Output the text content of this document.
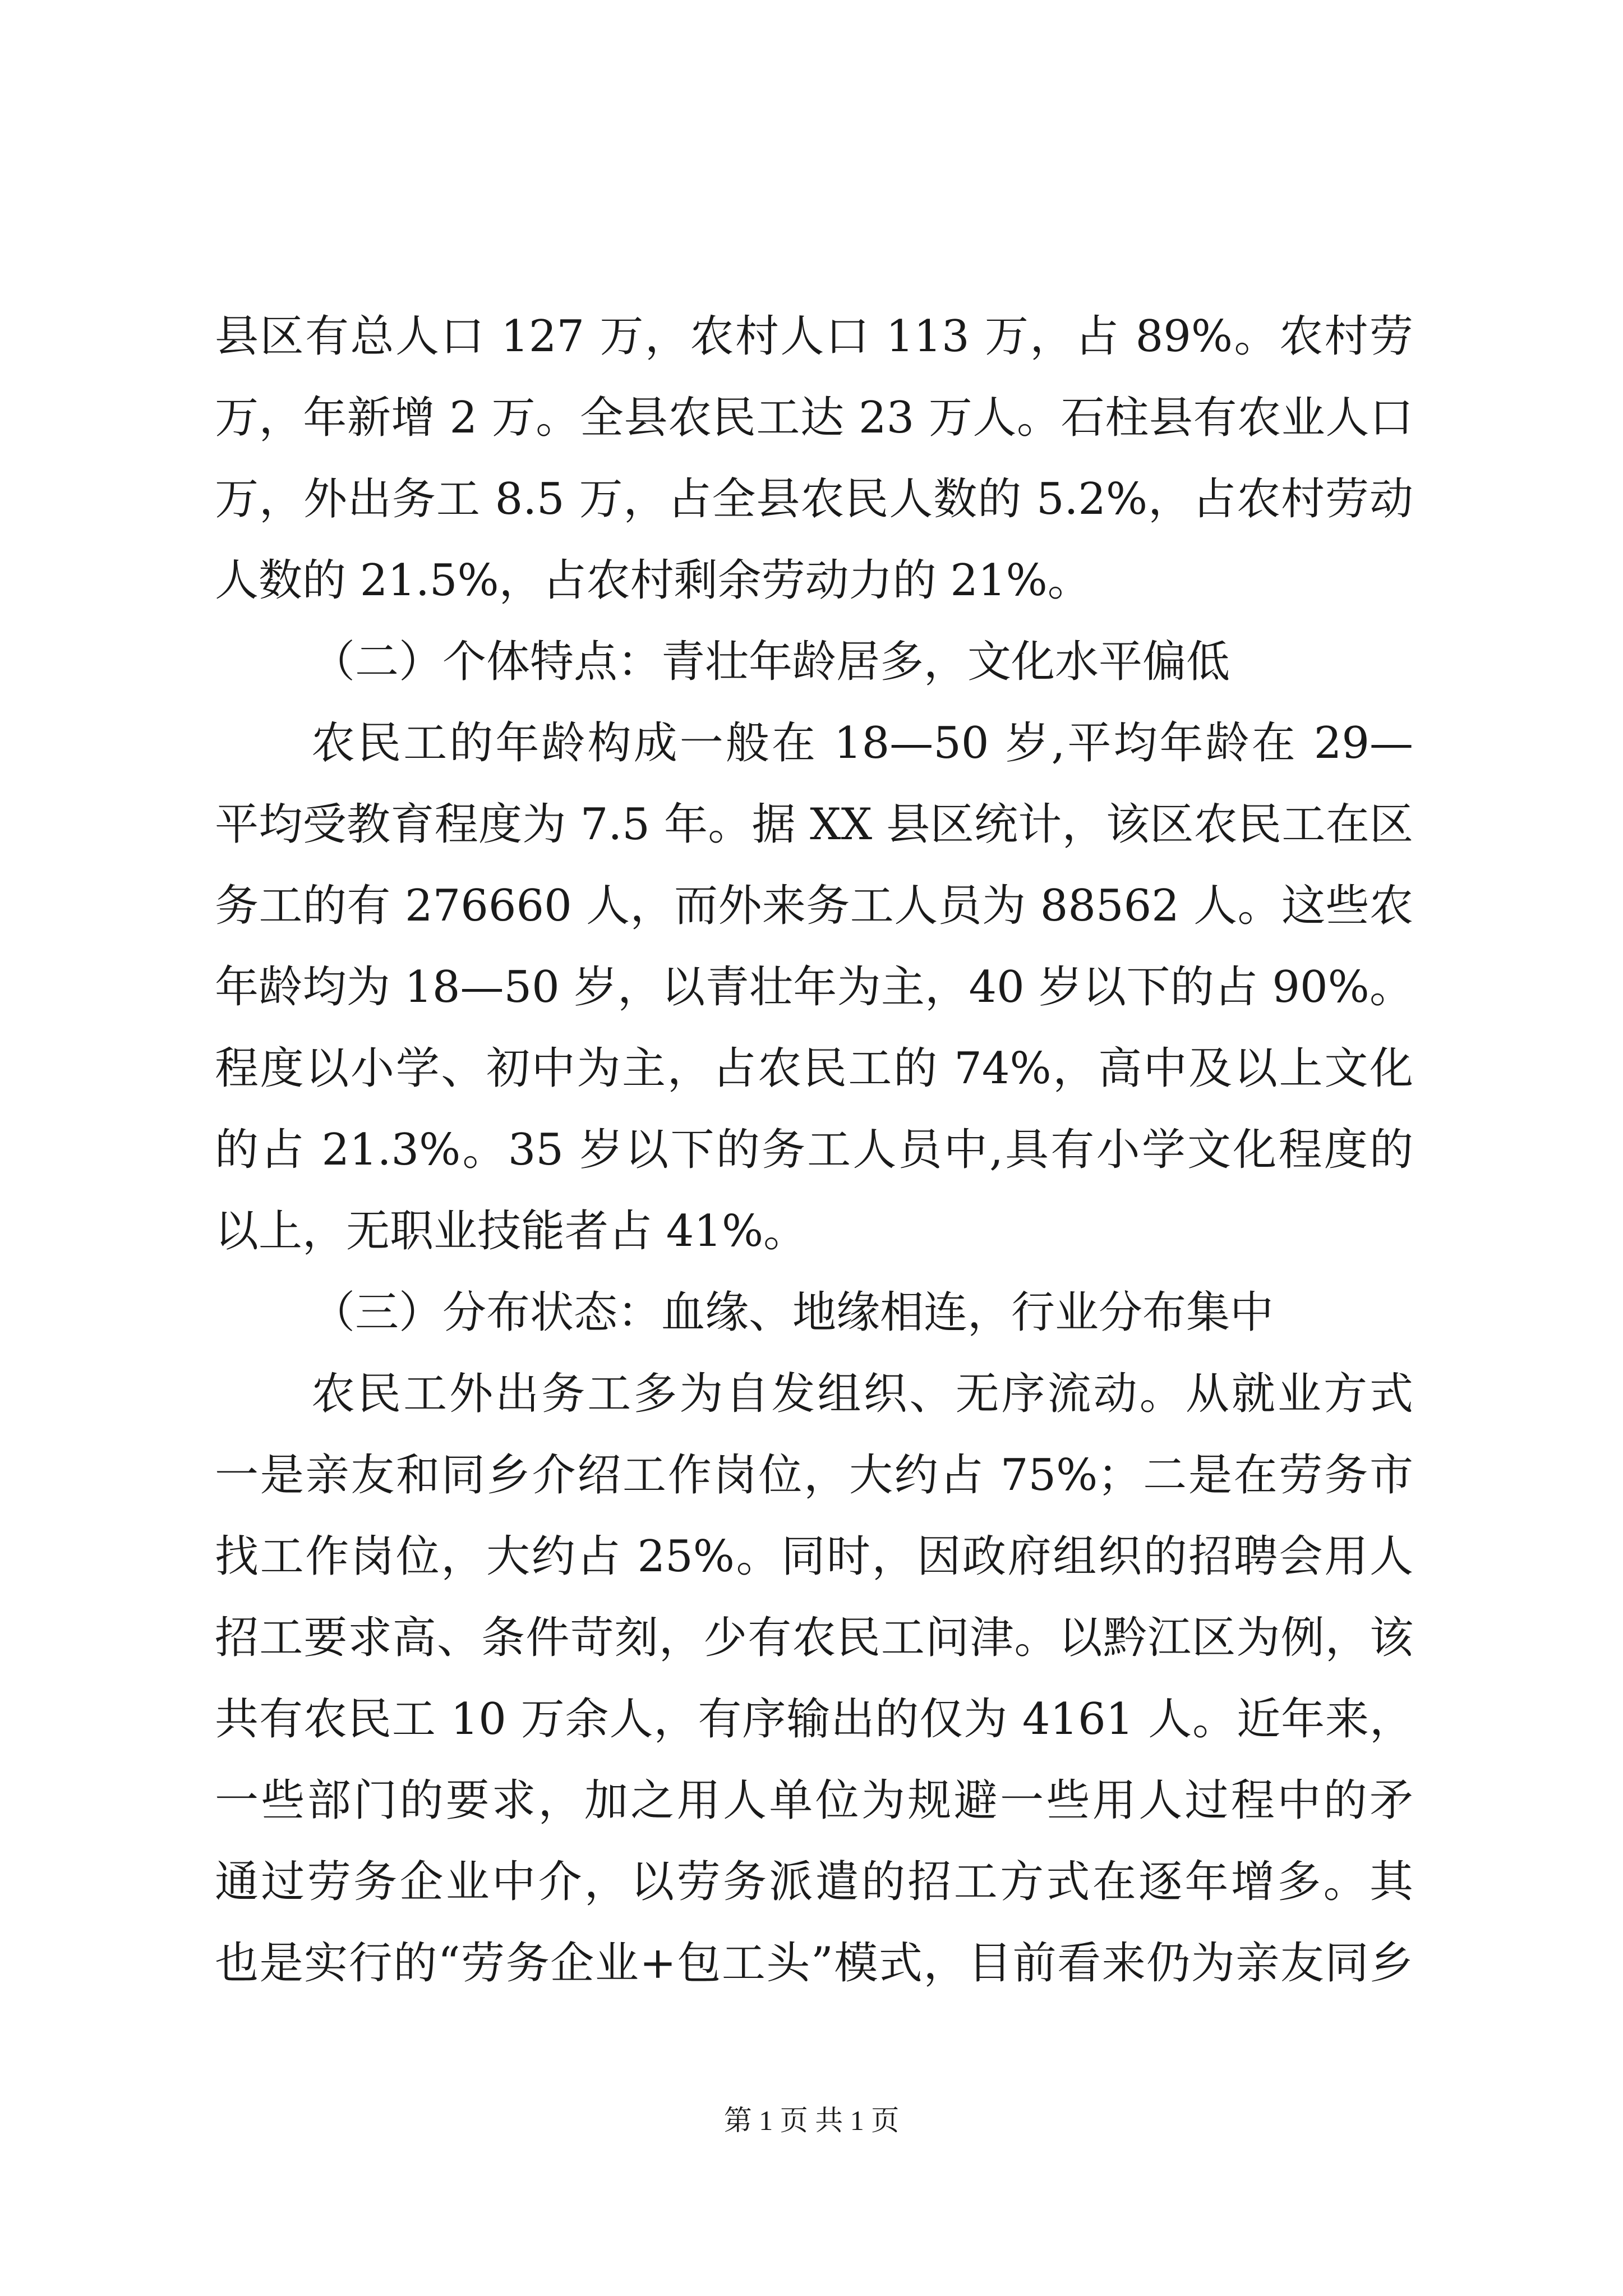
县区有总人口 127 万，农村人口 113 万，占 89%。农村劳
万，年新增 2 万。全县农民工达 23 万人。石柱县有农业人口
万，外出务工 8.5 万，占全县农民人数的 5.2%，占农村劳动
人数的 21.5%，占农村剩余劳动力的 21%。
（二）个体特点：青壮年龄居多，文化水平偏低
农民工的年龄构成一般在 18—50 岁,平均年龄在 29—
平均受教育程度为 7.5 年。据 XX 县区统计，该区农民工在区
务工的有 276660 人，而外来务工人员为 88562 人。这些农
年龄均为 18—50 岁，以青壮年为主，40 岁以下的占 90%。
程度以小学、初中为主，占农民工的 74%，高中及以上文化
的占 21.3%。35 岁以下的务工人员中,具有小学文化程度的
以上，无职业技能者占 41%。
（三）分布状态：血缘、地缘相连，行业分布集中
农民工外出务工多为自发组织、无序流动。从就业方式
一是亲友和同乡介绍工作岗位，大约占 75%；二是在劳务市
找工作岗位，大约占 25%。同时，因政府组织的招聘会用人
招工要求高、条件苛刻，少有农民工问津。以黔江区为例，该
共有农民工 10 万余人，有序输出的仅为 4161 人。近年来，
一些部门的要求，加之用人单位为规避一些用人过程中的矛
通过劳务企业中介，以劳务派遣的招工方式在逐年增多。其
也是实行的“劳务企业+包工头”模式，目前看来仍为亲友同乡
第 1 页 共 1 页
